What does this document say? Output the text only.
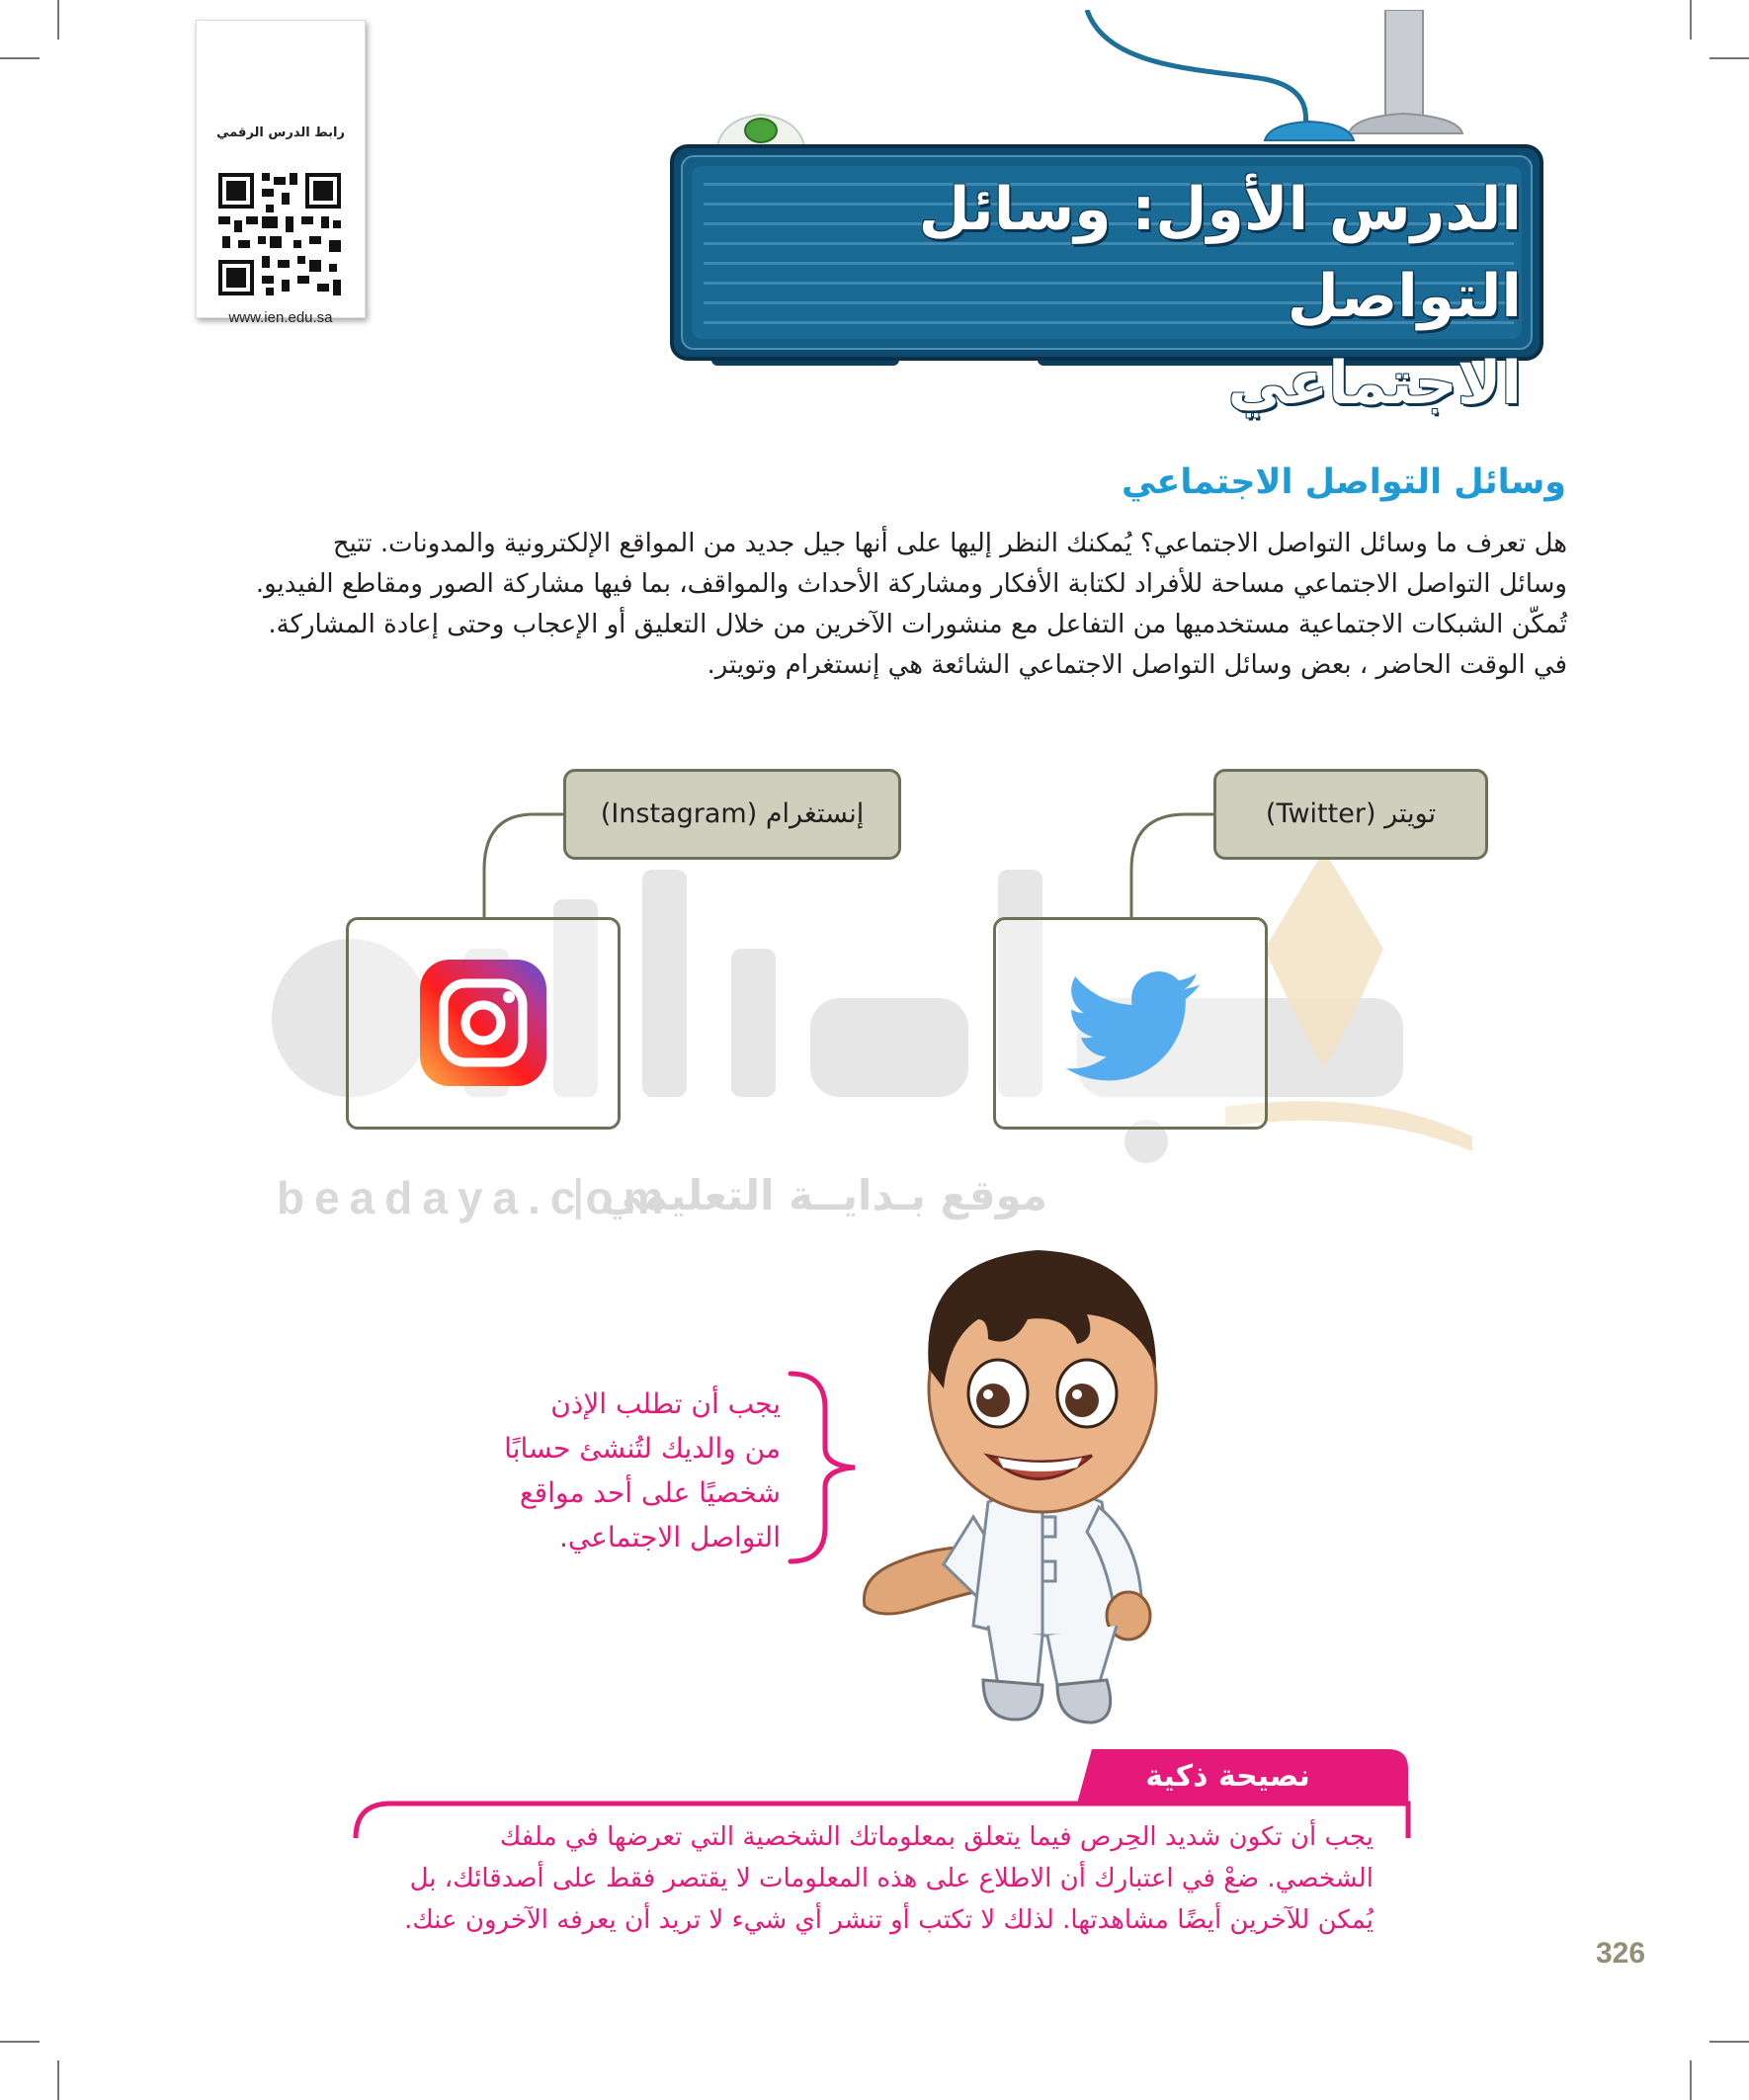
رابط الدرس الرقمي
www.ien.edu.sa
الدرس الأول: وسائل التواصل
الاجتماعي
beadaya.com
موقع بـدايــة التعليمي |
وسائل التواصل الاجتماعي

هل تعرف ما وسائل التواصل الاجتماعي؟ يُمكنك النظر إليها على أنها جيل جديد من المواقع الإلكترونية والمدونات. تتيح

وسائل التواصل الاجتماعي مساحة للأفراد لكتابة الأفكار ومشاركة الأحداث والمواقف، بما فيها مشاركة الصور ومقاطع الفيديو.

تُمكّن الشبكات الاجتماعية مستخدميها من التفاعل مع منشورات الآخرين من خلال التعليق أو الإعجاب وحتى إعادة المشاركة.

في الوقت الحاضر ، بعض وسائل التواصل الاجتماعي الشائعة هي إنستغرام وتويتر.

إنستغرام (Instagram)	تويتر (Twitter)

يجب أن تطلب الإذن

من والديك لتُنشئ حسابًا

شخصيًا على أحد مواقع

التواصل الاجتماعي.

نصيحة ذكية

يجب أن تكون شديد الحِرص فيما يتعلق بمعلوماتك الشخصية التي تعرضها في ملفك

الشخصي. ضعْ في اعتبارك أن الاطلاع على هذه المعلومات لا يقتصر فقط على أصدقائك، بل

يُمكن للآخرين أيضًا مشاهدتها. لذلك لا تكتب أو تنشر أي شيء لا تريد أن يعرفه الآخرون عنك.

326
